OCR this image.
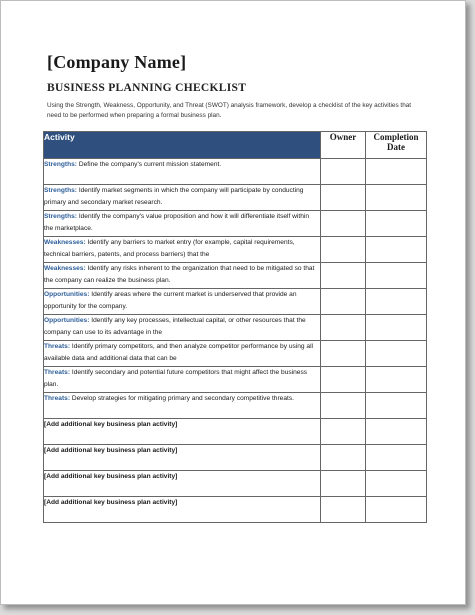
[Company Name]
BUSINESS PLANNING CHECKLIST
Using the Strength, Weakness, Opportunity, and Threat (SWOT) analysis framework, develop a checklist of the key activities that need to be performed when preparing a formal business plan.
Activity	Owner	Completion Date

Strengths: Define the company's current mission statement.		

Strengths: Identify market segments in which the company will participate by conducting primary and secondary market research.		

Strengths: Identify the company's value proposition and how it will differentiate itself within the marketplace.		

Weaknesses: Identify any barriers to market entry (for example, capital requirements, technical barriers, patents, and process barriers) that the		

Weaknesses: Identify any risks inherent to the organization that need to be mitigated so that the company can realize the business plan.		

Opportunities: Identify areas where the current market is underserved that provide an opportunity for the company.		

Opportunities: Identify any key processes, intellectual capital, or other resources that the company can use to its advantage in the		

Threats: Identify primary competitors, and then analyze competitor performance by using all available data and additional data that can be		

Threats: Identify secondary and potential future competitors that might affect the business plan.		

Threats: Develop strategies for mitigating primary and secondary competitive threats.		

[Add additional key business plan activity]		

[Add additional key business plan activity]		

[Add additional key business plan activity]		

[Add additional key business plan activity]		
